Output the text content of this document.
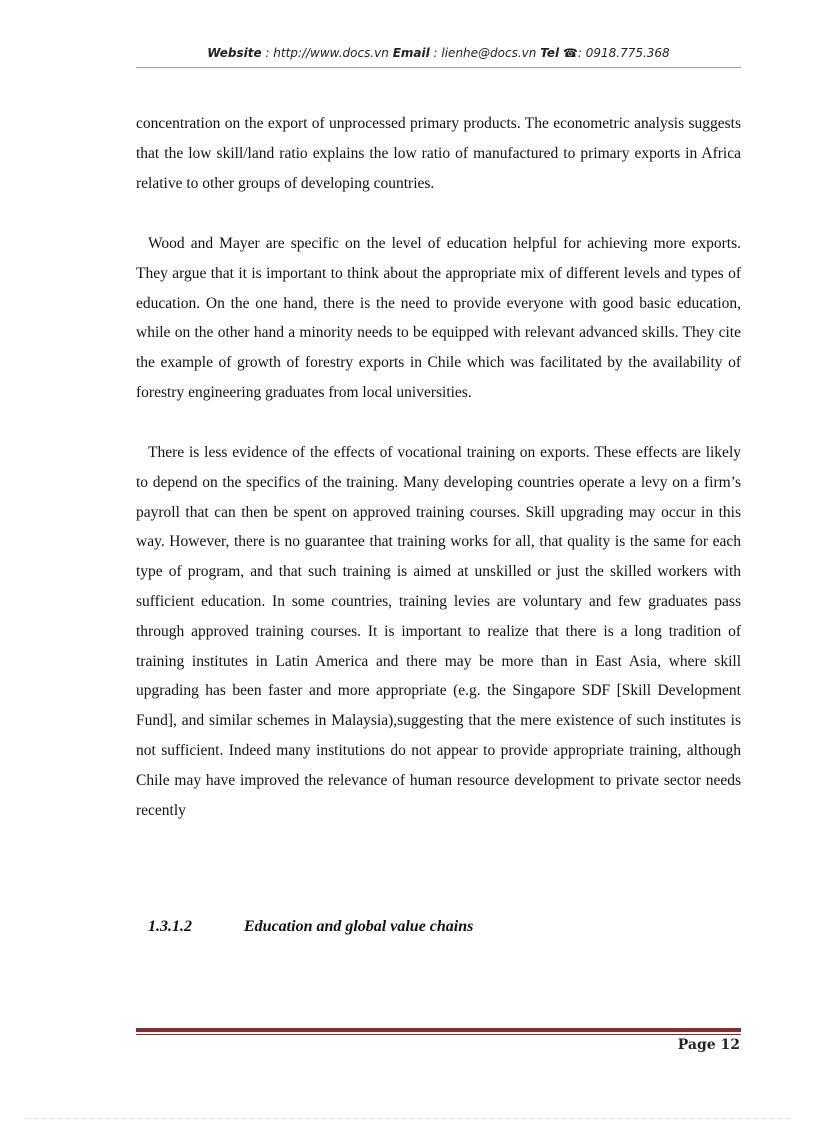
Website : http://www.docs.vn Email : lienhe@docs.vn Tel ☎: 0918.775.368

concentration on the export of unprocessed primary products. The econometric analysis suggests that the low skill/land ratio explains the low ratio of manufactured to primary exports in Africa relative to other groups of developing countries.

Wood and Mayer are specific on the level of education helpful for achieving more exports. They argue that it is important to think about the appropriate mix of different levels and types of education. On the one hand, there is the need to provide everyone with good basic education, while on the other hand a minority needs to be equipped with relevant advanced skills. They cite the example of growth of forestry exports in Chile which was facilitated by the availability of forestry engineering graduates from local universities.

There is less evidence of the effects of vocational training on exports. These effects are likely to depend on the specifics of the training. Many developing countries operate a levy on a firm’s payroll that can then be spent on approved training courses. Skill upgrading may occur in this way. However, there is no guarantee that training works for all, that quality is the same for each type of program, and that such training is aimed at unskilled or just the skilled workers with sufficient education. In some countries, training levies are voluntary and few graduates pass through approved training courses. It is important to realize that there is a long tradition of training institutes in Latin America and there may be more than in East Asia, where skill upgrading has been faster and more appropriate (e.g. the Singapore SDF [Skill Development Fund], and similar schemes in Malaysia),suggesting that the mere existence of such institutes is not sufficient. Indeed many institutions do not appear to provide appropriate training, although Chile may have improved the relevance of human resource development to private sector needs recently

1.3.1.2	Education and global value chains
Page 12
